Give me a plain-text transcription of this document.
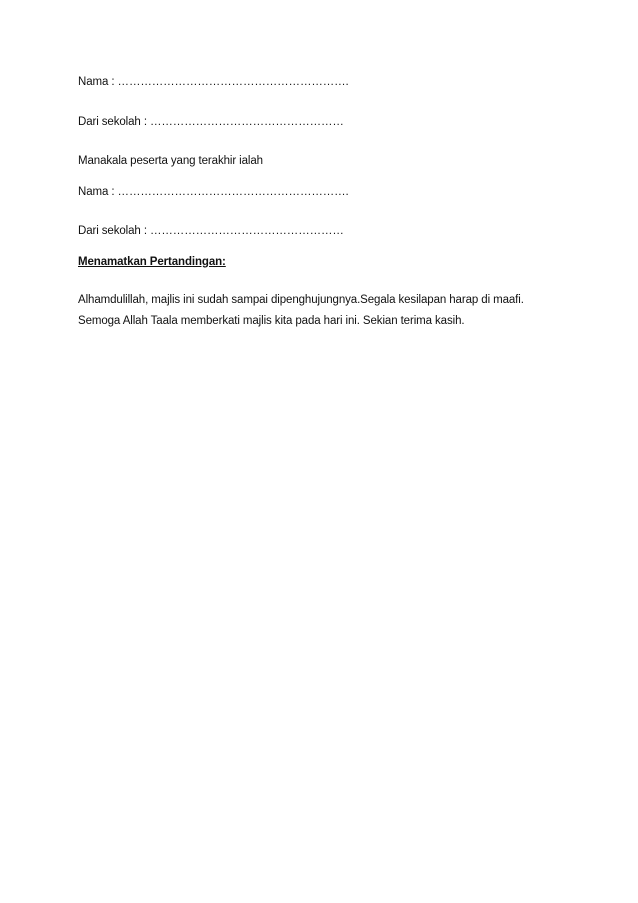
Nama : …………………………………………………….
Dari sekolah : ……………………………………………
Manakala peserta yang terakhir ialah
Nama : …………………………………………………….
Dari sekolah : ……………………………………………
Menamatkan Pertandingan:
Alhamdulillah, majlis ini sudah sampai dipenghujungnya.Segala kesilapan harap di maafi.
Semoga Allah Taala memberkati majlis kita pada hari ini. Sekian terima kasih.
